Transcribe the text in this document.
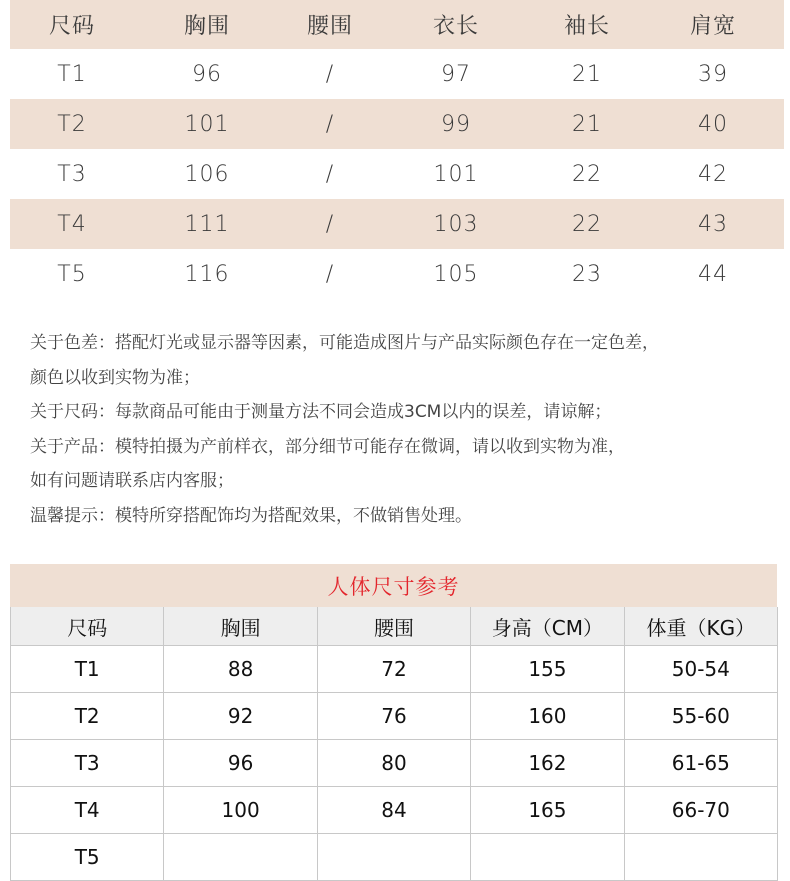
尺码	胸围	腰围	衣长	袖长	肩宽
T1	96	/	97	21	39
T2	101	/	99	21	40
T3	106	/	101	22	42
T4	111	/	103	22	43
T5	116	/	105	23	44
关于色差：搭配灯光或显示器等因素，可能造成图片与产品实际颜色存在一定色差，
颜色以收到实物为准；
关于尺码：每款商品可能由于测量方法不同会造成3CM以内的误差，请谅解；
关于产品：模特拍摄为产前样衣，部分细节可能存在微调，请以收到实物为准，
如有问题请联系店内客服；
温馨提示：模特所穿搭配饰均为搭配效果，不做销售处理。
人体尺寸参考
尺码	胸围	腰围	身高（CM）	体重（KG）
T1	88	72	155	50-54
T2	92	76	160	55-60
T3	96	80	162	61-65
T4	100	84	165	66-70
T5
